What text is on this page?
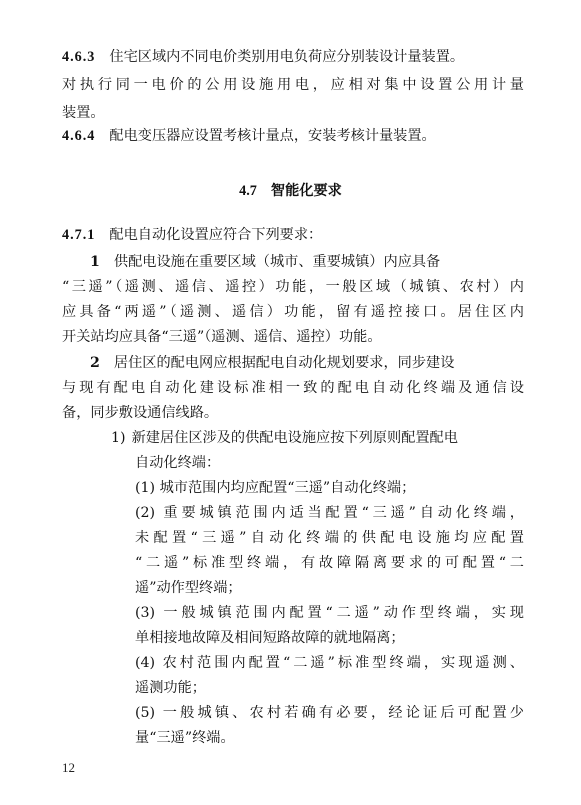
4.6.3 住宅区域内不同电价类别用电负荷应分别装设计量装置。
对执行同一电价的公用设施用电，应相对集中设置公用计量
装置。
4.6.4 配电变压器应设置考核计量点，安装考核计量装置。
4.7 智能化要求
4.7.1 配电自动化设置应符合下列要求：
1 供配电设施在重要区域（城市、重要城镇）内应具备
“三遥”（遥测、遥信、遥控）功能，一般区域（城镇、农村）内
应具备“两遥”（遥测、遥信）功能，留有遥控接口。居住区内
开关站均应具备“三遥”（遥测、遥信、遥控）功能。
2 居住区的配电网应根据配电自动化规划要求，同步建设
与现有配电自动化建设标准相一致的配电自动化终端及通信设
备，同步敷设通信线路。
1) 新建居住区涉及的供配电设施应按下列原则配置配电
自动化终端：
(1) 城市范围内均应配置“三遥”自动化终端；
(2) 重要城镇范围内适当配置“三遥”自动化终端，
未配置“三遥”自动化终端的供配电设施均应配置
“二遥”标准型终端，有故障隔离要求的可配置“二
遥”动作型终端；
(3) 一般城镇范围内配置“二遥”动作型终端，实现
单相接地故障及相间短路故障的就地隔离；
(4) 农村范围内配置“二遥”标准型终端，实现遥测、
遥测功能；
(5) 一般城镇、农村若确有必要，经论证后可配置少
量“三遥”终端。
12
